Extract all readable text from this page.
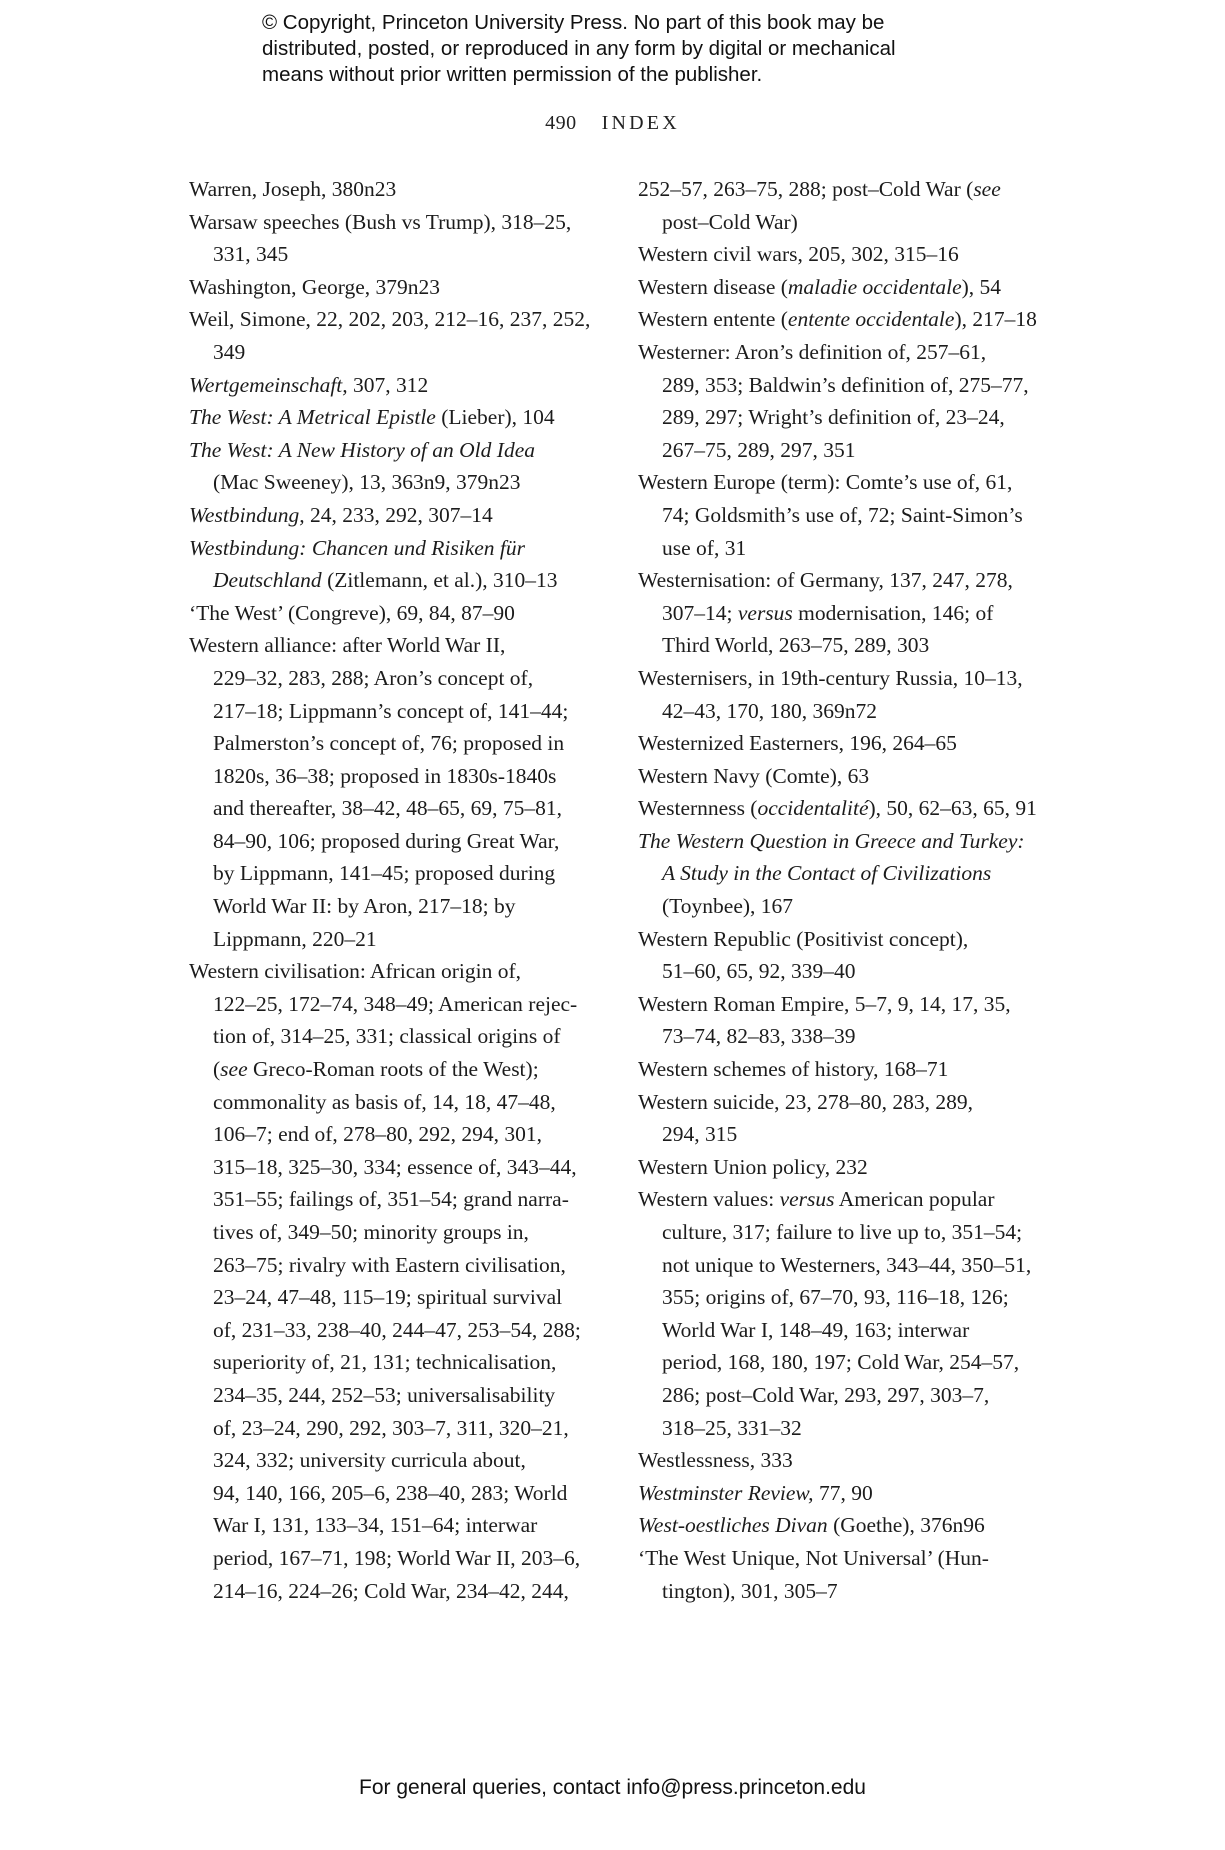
© Copyright, Princeton University Press. No part of this book may be
distributed, posted, or reproduced in any form by digital or mechanical
means without prior written permission of the publisher.
490 INDEX
Warren, Joseph, 380n23
Warsaw speeches (Bush vs Trump), 318–25,
331, 345
Washington, George, 379n23
Weil, Simone, 22, 202, 203, 212–16, 237, 252,
349
Wertgemeinschaft, 307, 312
The West: A Metrical Epistle (Lieber), 104
The West: A New History of an Old Idea
(Mac Sweeney), 13, 363n9, 379n23
Westbindung, 24, 233, 292, 307–14
Westbindung: Chancen und Risiken für
Deutschland (Zitlemann, et al.), 310–13
‘The West’ (Congreve), 69, 84, 87–90
Western alliance: after World War II,
229–32, 283, 288; Aron’s concept of,
217–18; Lippmann’s concept of, 141–44;
Palmerston’s concept of, 76; proposed in
1820s, 36–38; proposed in 1830s-1840s
and thereafter, 38–42, 48–65, 69, 75–81,
84–90, 106; proposed during Great War,
by Lippmann, 141–45; proposed during
World War II: by Aron, 217–18; by
Lippmann, 220–21
Western civilisation: African origin of,
122–25, 172–74, 348–49; American rejec-
tion of, 314–25, 331; classical origins of
(see Greco-Roman roots of the West);
commonality as basis of, 14, 18, 47–48,
106–7; end of, 278–80, 292, 294, 301,
315–18, 325–30, 334; essence of, 343–44,
351–55; failings of, 351–54; grand narra-
tives of, 349–50; minority groups in,
263–75; rivalry with Eastern civilisation,
23–24, 47–48, 115–19; spiritual survival
of, 231–33, 238–40, 244–47, 253–54, 288;
superiority of, 21, 131; technicalisation,
234–35, 244, 252–53; universalisability
of, 23–24, 290, 292, 303–7, 311, 320–21,
324, 332; university curricula about,
94, 140, 166, 205–6, 238–40, 283; World
War I, 131, 133–34, 151–64; interwar
period, 167–71, 198; World War II, 203–6,
214–16, 224–26; Cold War, 234–42, 244,
252–57, 263–75, 288; post–Cold War (see
post–Cold War)
Western civil wars, 205, 302, 315–16
Western disease (maladie occidentale), 54
Western entente (entente occidentale), 217–18
Westerner: Aron’s definition of, 257–61,
289, 353; Baldwin’s definition of, 275–77,
289, 297; Wright’s definition of, 23–24,
267–75, 289, 297, 351
Western Europe (term): Comte’s use of, 61,
74; Goldsmith’s use of, 72; Saint-Simon’s
use of, 31
Westernisation: of Germany, 137, 247, 278,
307–14; versus modernisation, 146; of
Third World, 263–75, 289, 303
Westernisers, in 19th-century Russia, 10–13,
42–43, 170, 180, 369n72
Westernized Easterners, 196, 264–65
Western Navy (Comte), 63
Westernness (occidentalité), 50, 62–63, 65, 91
The Western Question in Greece and Turkey:
A Study in the Contact of Civilizations
(Toynbee), 167
Western Republic (Positivist concept),
51–60, 65, 92, 339–40
Western Roman Empire, 5–7, 9, 14, 17, 35,
73–74, 82–83, 338–39
Western schemes of history, 168–71
Western suicide, 23, 278–80, 283, 289,
294, 315
Western Union policy, 232
Western values: versus American popular
culture, 317; failure to live up to, 351–54;
not unique to Westerners, 343–44, 350–51,
355; origins of, 67–70, 93, 116–18, 126;
World War I, 148–49, 163; interwar
period, 168, 180, 197; Cold War, 254–57,
286; post–Cold War, 293, 297, 303–7,
318–25, 331–32
Westlessness, 333
Westminster Review, 77, 90
West-oestliches Divan (Goethe), 376n96
‘The West Unique, Not Universal’ (Hun-
tington), 301, 305–7
For general queries, contact info@press.princeton.edu
